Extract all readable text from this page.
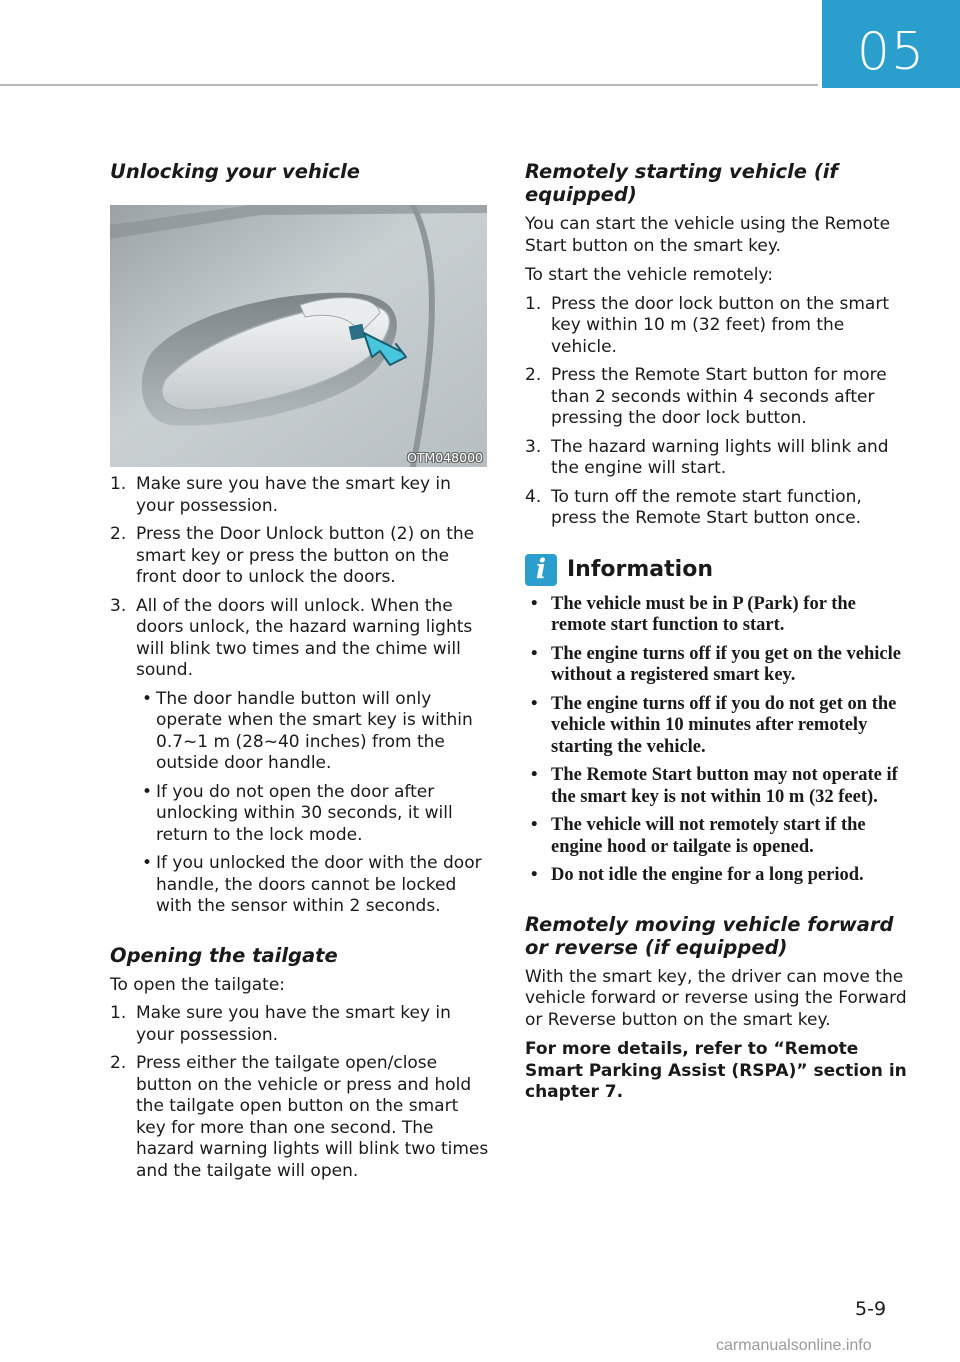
05
Unlocking your vehicle
OTM048000
1. Make sure you have the smart key in your possession.
2. Press the Door Unlock button (2) on the smart key or press the button on the front door to unlock the doors.
3. All of the doors will unlock. When the doors unlock, the hazard warning lights will blink two times and the chime will sound.
• The door handle button will only operate when the smart key is within 0.7~1 m (28~40 inches) from the outside door handle.
• If you do not open the door after unlocking within 30 seconds, it will return to the lock mode.
• If you unlocked the door with the door handle, the doors cannot be locked with the sensor within 2 seconds.
Opening the tailgate

To open the tailgate:

1. Make sure you have the smart key in your possession.
2. Press either the tailgate open/close button on the vehicle or press and hold the tailgate open button on the smart key for more than one second. The hazard warning lights will blink two times and the tailgate will open.
Remotely starting vehicle (if equipped)

You can start the vehicle using the Remote Start button on the smart key.

To start the vehicle remotely:

1. Press the door lock button on the smart key within 10 m (32 feet) from the vehicle.
2. Press the Remote Start button for more than 2 seconds within 4 seconds after pressing the door lock button.
3. The hazard warning lights will blink and the engine will start.
4. To turn off the remote start function, press the Remote Start button once.
i Information
• The vehicle must be in P (Park) for the remote start function to start.
• The engine turns off if you get on the vehicle without a registered smart key.
• The engine turns off if you do not get on the vehicle within 10 minutes after remotely starting the vehicle.
• The Remote Start button may not operate if the smart key is not within 10 m (32 feet).
• The vehicle will not remotely start if the engine hood or tailgate is opened.
• Do not idle the engine for a long period.
Remotely moving vehicle forward or reverse (if equipped)

With the smart key, the driver can move the vehicle forward or reverse using the Forward or Reverse button on the smart key.

For more details, refer to “Remote Smart Parking Assist (RSPA)” section in chapter 7.

5-9
carmanualsonline.info
